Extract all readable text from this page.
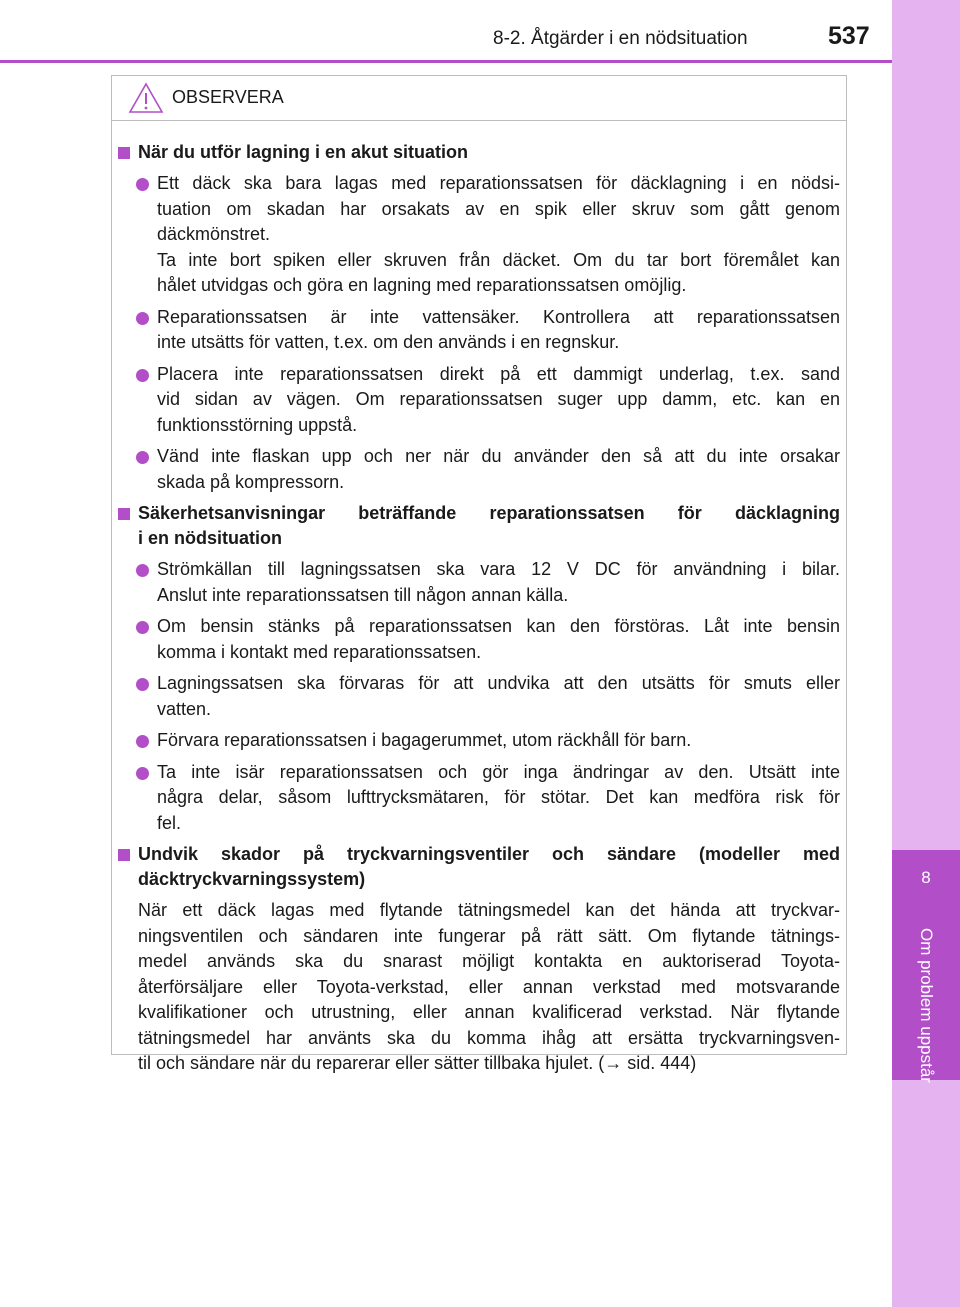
8-2. Åtgärder i en nödsituation	537
8
Om problem uppstår
OBSERVERA
När du utför lagning i en akut situation
Ett däck ska bara lagas med reparationssatsen för däcklagning i en nödsi-
tuation om skadan har orsakats av en spik eller skruv som gått genom
däckmönstret.
Ta inte bort spiken eller skruven från däcket. Om du tar bort föremålet kan
hålet utvidgas och göra en lagning med reparationssatsen omöjlig.
Reparationssatsen är inte vattensäker. Kontrollera att reparationssatsen
inte utsätts för vatten, t.ex. om den används i en regnskur.
Placera inte reparationssatsen direkt på ett dammigt underlag, t.ex. sand
vid sidan av vägen. Om reparationssatsen suger upp damm, etc. kan en
funktionsstörning uppstå.
Vänd inte flaskan upp och ner när du använder den så att du inte orsakar
skada på kompressorn.
Säkerhetsanvisningar beträffande reparationssatsen för däcklagning
i en nödsituation
Strömkällan till lagningssatsen ska vara 12 V DC för användning i bilar.
Anslut inte reparationssatsen till någon annan källa.
Om bensin stänks på reparationssatsen kan den förstöras. Låt inte bensin
komma i kontakt med reparationssatsen.
Lagningssatsen ska förvaras för att undvika att den utsätts för smuts eller
vatten.
Förvara reparationssatsen i bagagerummet, utom räckhåll för barn.
Ta inte isär reparationssatsen och gör inga ändringar av den. Utsätt inte
några delar, såsom lufttrycksmätaren, för stötar. Det kan medföra risk för
fel.
Undvik skador på tryckvarningsventiler och sändare (modeller med
däcktryckvarningssystem)
När ett däck lagas med flytande tätningsmedel kan det hända att tryckvar-
ningsventilen och sändaren inte fungerar på rätt sätt. Om flytande tätnings-
medel används ska du snarast möjligt kontakta en auktoriserad Toyota-
återförsäljare eller Toyota-verkstad, eller annan verkstad med motsvarande
kvalifikationer och utrustning, eller annan kvalificerad verkstad. När flytande
tätningsmedel har använts ska du komma ihåg att ersätta tryckvarningsven-
til och sändare när du reparerar eller sätter tillbaka hjulet. (→ sid. 444)
